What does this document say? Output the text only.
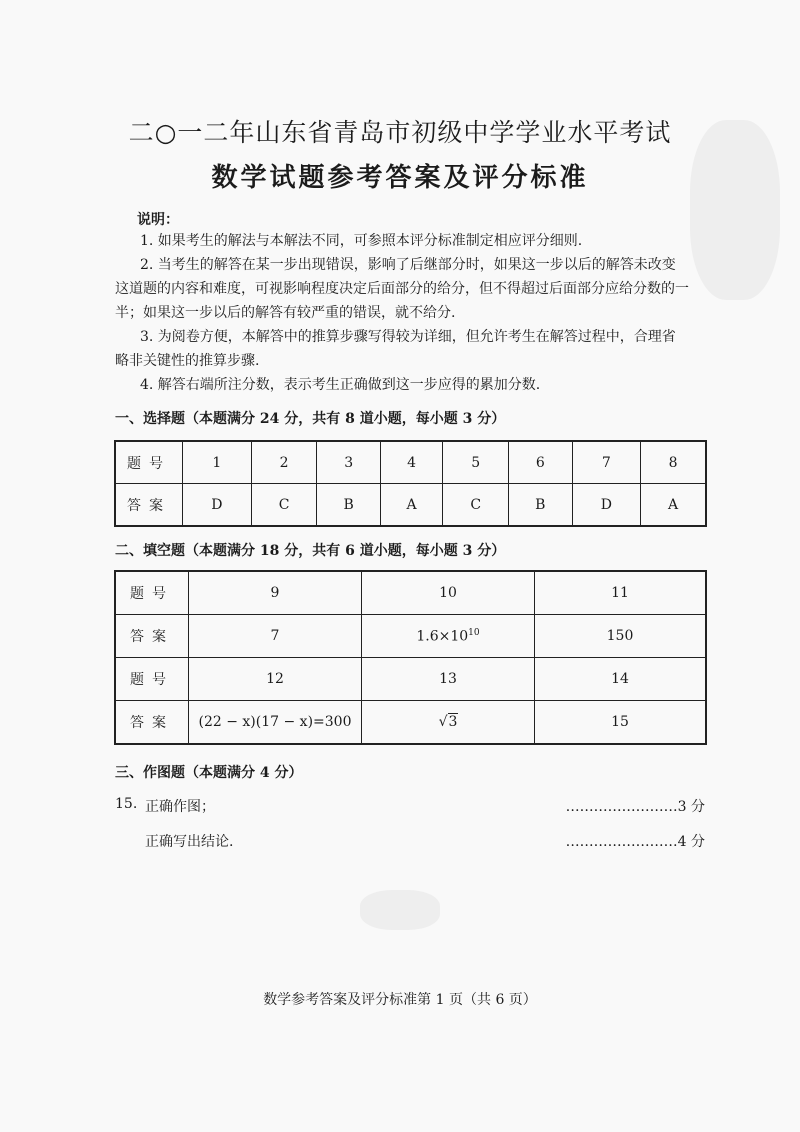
二○一二年山东省青岛市初级中学学业水平考试
数学试题参考答案及评分标准
说明：
1. 如果考生的解法与本解法不同，可参照本评分标准制定相应评分细则.
2. 当考生的解答在某一步出现错误，影响了后继部分时，如果这一步以后的解答未改变
这道题的内容和难度，可视影响程度决定后面部分的给分，但不得超过后面部分应给分数的一
半；如果这一步以后的解答有较严重的错误，就不给分.
3. 为阅卷方便，本解答中的推算步骤写得较为详细，但允许考生在解答过程中，合理省
略非关键性的推算步骤.
4. 解答右端所注分数，表示考生正确做到这一步应得的累加分数.
一、选择题（本题满分 24 分，共有 8 道小题，每小题 3 分）
题号	1	2	3	4	5	6	7	8
答案	D	C	B	A	C	B	D	A
二、填空题（本题满分 18 分，共有 6 道小题，每小题 3 分）
题号	9	10	11
答案	7	$1.6\times 10^{10}$	150
题号	12	13	14
答案	(22 − x)(17 − x)=300	√3	15
三、作图题（本题满分 4 分）
15. 正确作图；	……………………3 分
正确写出结论.	……………………4 分
数学参考答案及评分标准第 1 页（共 6 页）
